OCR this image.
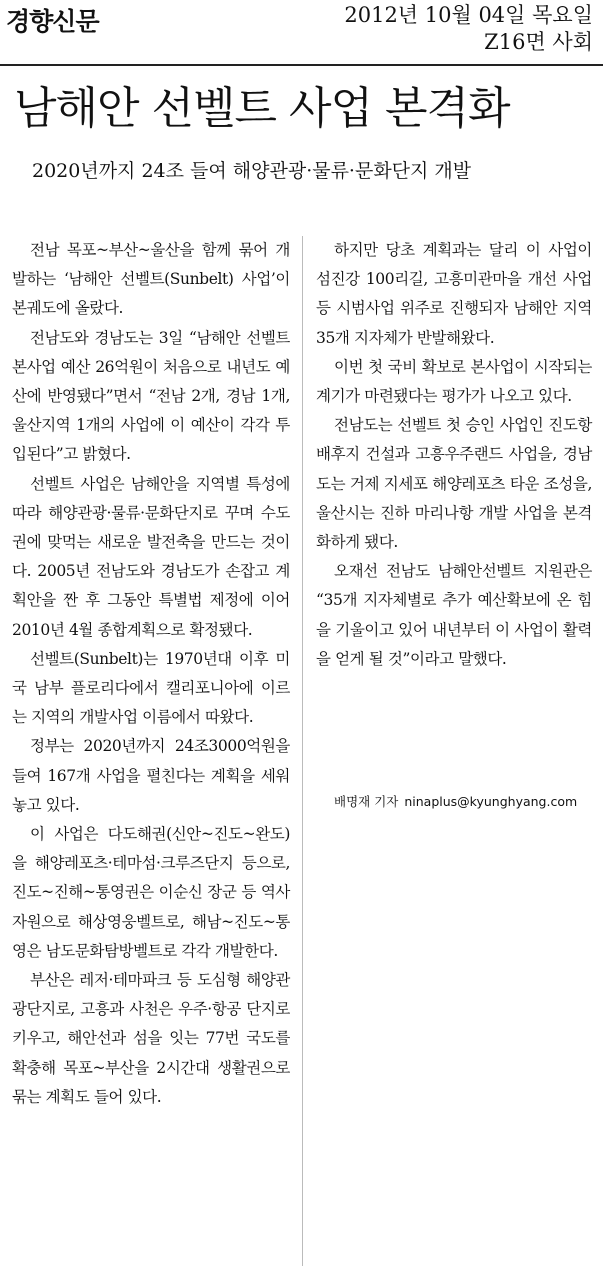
경향신문	2012년 10월 04일 목요일
Z16면 사회
남해안 선벨트 사업 본격화
2020년까지 24조 들여 해양관광·물류·문화단지 개발

전남 목포~부산~울산을 함께 묶어 개발하는 ‘남해안 선벨트(Sunbelt) 사업’이 본궤도에 올랐다.

전남도와 경남도는 3일 “남해안 선벨트 본사업 예산 26억원이 처음으로 내년도 예산에 반영됐다”면서 “전남 2개, 경남 1개, 울산지역 1개의 사업에 이 예산이 각각 투입된다”고 밝혔다.

선벨트 사업은 남해안을 지역별 특성에 따라 해양관광·물류·문화단지로 꾸며 수도권에 맞먹는 새로운 발전축을 만드는 것이다. 2005년 전남도와 경남도가 손잡고 계획안을 짠 후 그동안 특별법 제정에 이어 2010년 4월 종합계획으로 확정됐다.

선벨트(Sunbelt)는 1970년대 이후 미국 남부 플로리다에서 캘리포니아에 이르는 지역의 개발사업 이름에서 따왔다.

정부는 2020년까지 24조3000억원을 들여 167개 사업을 펼친다는 계획을 세워놓고 있다.

이 사업은 다도해권(신안~진도~완도)을 해양레포츠·테마섬·크루즈단지 등으로, 진도~진해~통영권은 이순신 장군 등 역사자원으로 해상영웅벨트로, 해남~진도~통영은 남도문화탐방벨트로 각각 개발한다.

부산은 레저·테마파크 등 도심형 해양관광단지로, 고흥과 사천은 우주·항공 단지로 키우고, 해안선과 섬을 잇는 77번 국도를 확충해 목포~부산을 2시간대 생활권으로 묶는 계획도 들어 있다.

하지만 당초 계획과는 달리 이 사업이 섬진강 100리길, 고흥미관마을 개선 사업 등 시범사업 위주로 진행되자 남해안 지역 35개 지자체가 반발해왔다.

이번 첫 국비 확보로 본사업이 시작되는 계기가 마련됐다는 평가가 나오고 있다.

전남도는 선벨트 첫 승인 사업인 진도항 배후지 건설과 고흥우주랜드 사업을, 경남도는 거제 지세포 해양레포츠 타운 조성을, 울산시는 진하 마리나항 개발 사업을 본격화하게 됐다.

오재선 전남도 남해안선벨트 지원관은 “35개 지자체별로 추가 예산확보에 온 힘을 기울이고 있어 내년부터 이 사업이 활력을 얻게 될 것”이라고 말했다.

배명재 기자 ninaplus@kyunghyang.com
